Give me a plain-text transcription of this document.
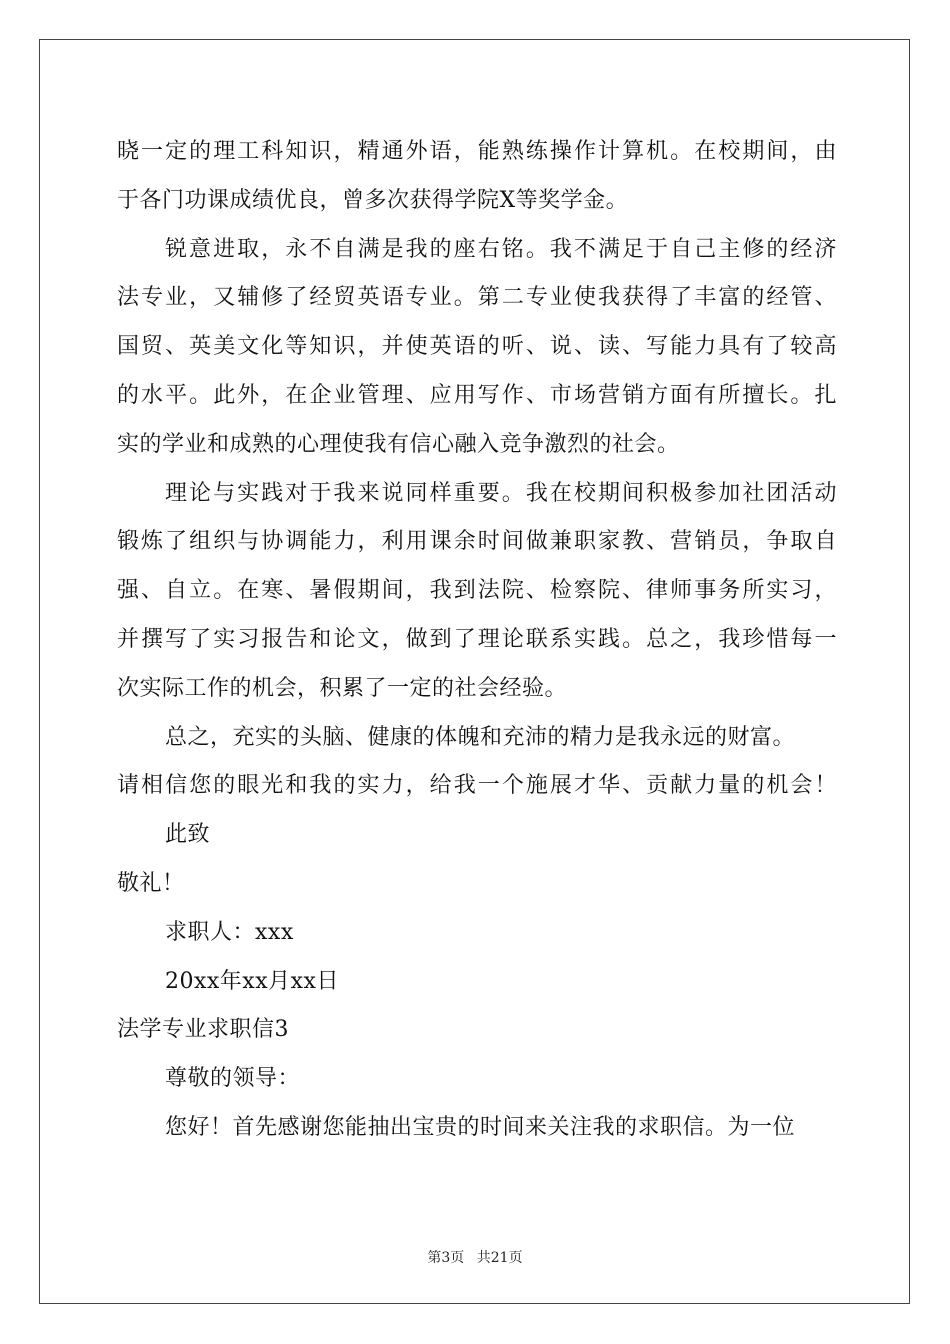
晓一定的理工科知识，精通外语，能熟练操作计算机。在校期间，由
于各门功课成绩优良，曾多次获得学院X等奖学金。
锐意进取，永不自满是我的座右铭。我不满足于自己主修的经济
法专业，又辅修了经贸英语专业。第二专业使我获得了丰富的经管、
国贸、英美文化等知识，并使英语的听、说、读、写能力具有了较高
的水平。此外，在企业管理、应用写作、市场营销方面有所擅长。扎
实的学业和成熟的心理使我有信心融入竞争激烈的社会。
理论与实践对于我来说同样重要。我在校期间积极参加社团活动
锻炼了组织与协调能力，利用课余时间做兼职家教、营销员，争取自
强、自立。在寒、暑假期间，我到法院、检察院、律师事务所实习，
并撰写了实习报告和论文，做到了理论联系实践。总之，我珍惜每一
次实际工作的机会，积累了一定的社会经验。
总之，充实的头脑、健康的体魄和充沛的精力是我永远的财富。
请相信您的眼光和我的实力，给我一个施展才华、贡献力量的机会！
此致
敬礼！
求职人：xxx
20xx年xx月xx日
法学专业求职信3
尊敬的领导：
您好！首先感谢您能抽出宝贵的时间来关注我的求职信。为一位
第3页 共21页
